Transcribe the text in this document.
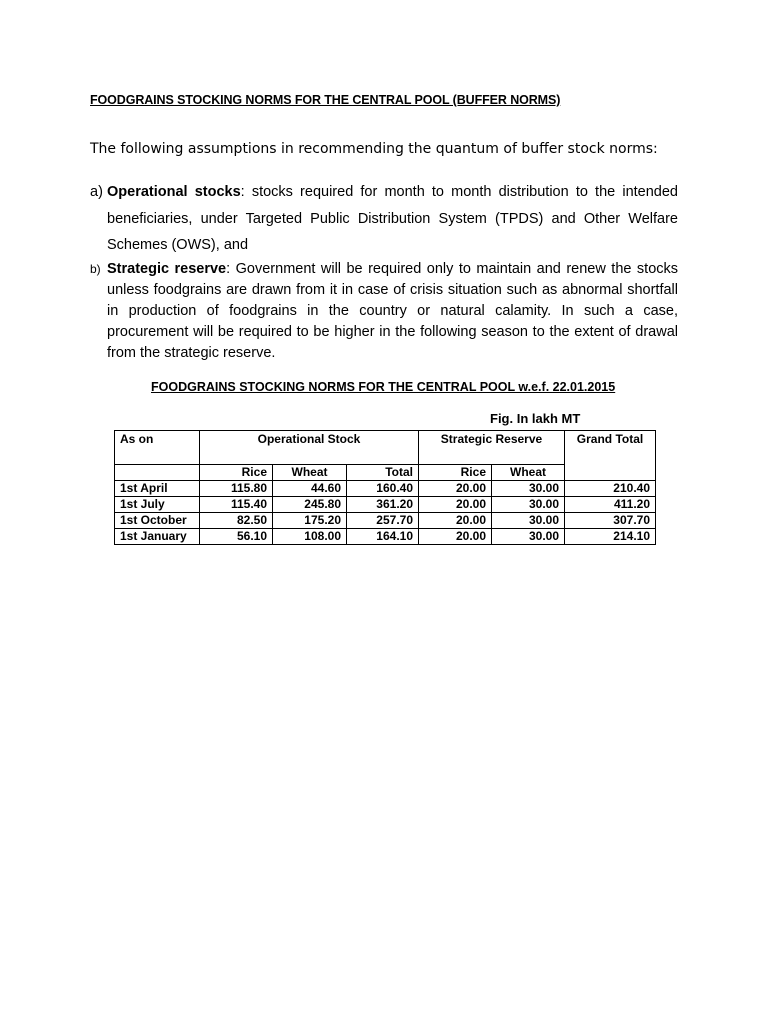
FOODGRAINS STOCKING NORMS FOR THE CENTRAL POOL (BUFFER NORMS)
The following assumptions in recommending the quantum of buffer stock norms:
a) Operational stocks: stocks required for month to month distribution to the intended beneficiaries, under Targeted Public Distribution System (TPDS) and Other Welfare Schemes (OWS), and
b) Strategic reserve: Government will be required only to maintain and renew the stocks unless foodgrains are drawn from it in case of crisis situation such as abnormal shortfall in production of foodgrains in the country or natural calamity. In such a case, procurement will be required to be higher in the following season to the extent of drawal from the strategic reserve.
FOODGRAINS STOCKING NORMS FOR THE CENTRAL POOL w.e.f. 22.01.2015
Fig. In lakh MT
As on	Operational Stock			Strategic Reserve		Grand Total
	Rice	Wheat	Total	Rice	Wheat	
1st April	115.80	44.60	160.40	20.00	30.00	210.40
1st July	115.40	245.80	361.20	20.00	30.00	411.20
1st October	82.50	175.20	257.70	20.00	30.00	307.70
1st January	56.10	108.00	164.10	20.00	30.00	214.10
